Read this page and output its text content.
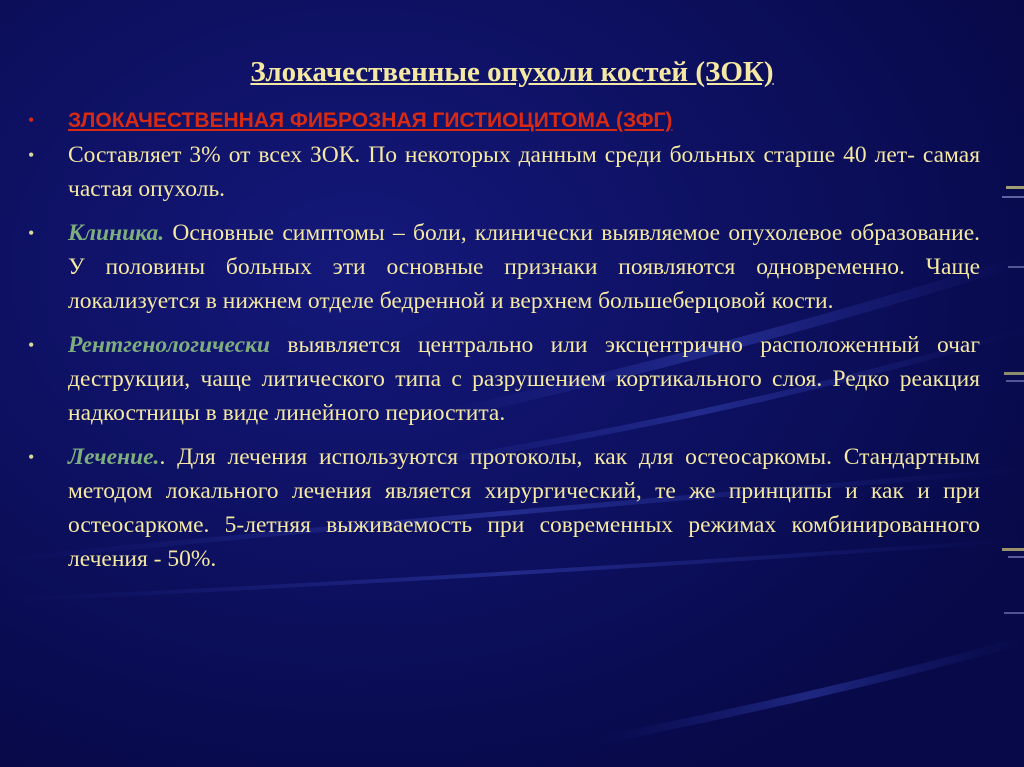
Злокачественные опухоли костей (ЗОК)
• ЗЛОКАЧЕСТВЕННАЯ ФИБРОЗНАЯ ГИСТИОЦИТОМА (ЗФГ)
• Составляет 3% от всех ЗОК. По некоторых данным среди больных старше 40 лет- самая частая опухоль.
• Клиника. Основные симптомы – боли, клинически выявляемое опухолевое образование. У половины больных эти основные признаки появляются одновременно. Чаще локализуется в нижнем отделе бедренной и верхнем большеберцовой кости.
• Рентгенологически выявляется центрально или эксцентрично расположенный очаг деструкции, чаще литического типа с разрушением кортикального слоя. Редко реакция надкостницы в виде линейного периостита.
• Лечение.. Для лечения используются протоколы, как для остеосаркомы. Стандартным методом локального лечения является хирургический, те же принципы и как и при остеосаркоме. 5-летняя выживаемость при современных режимах комбинированного лечения - 50%.
